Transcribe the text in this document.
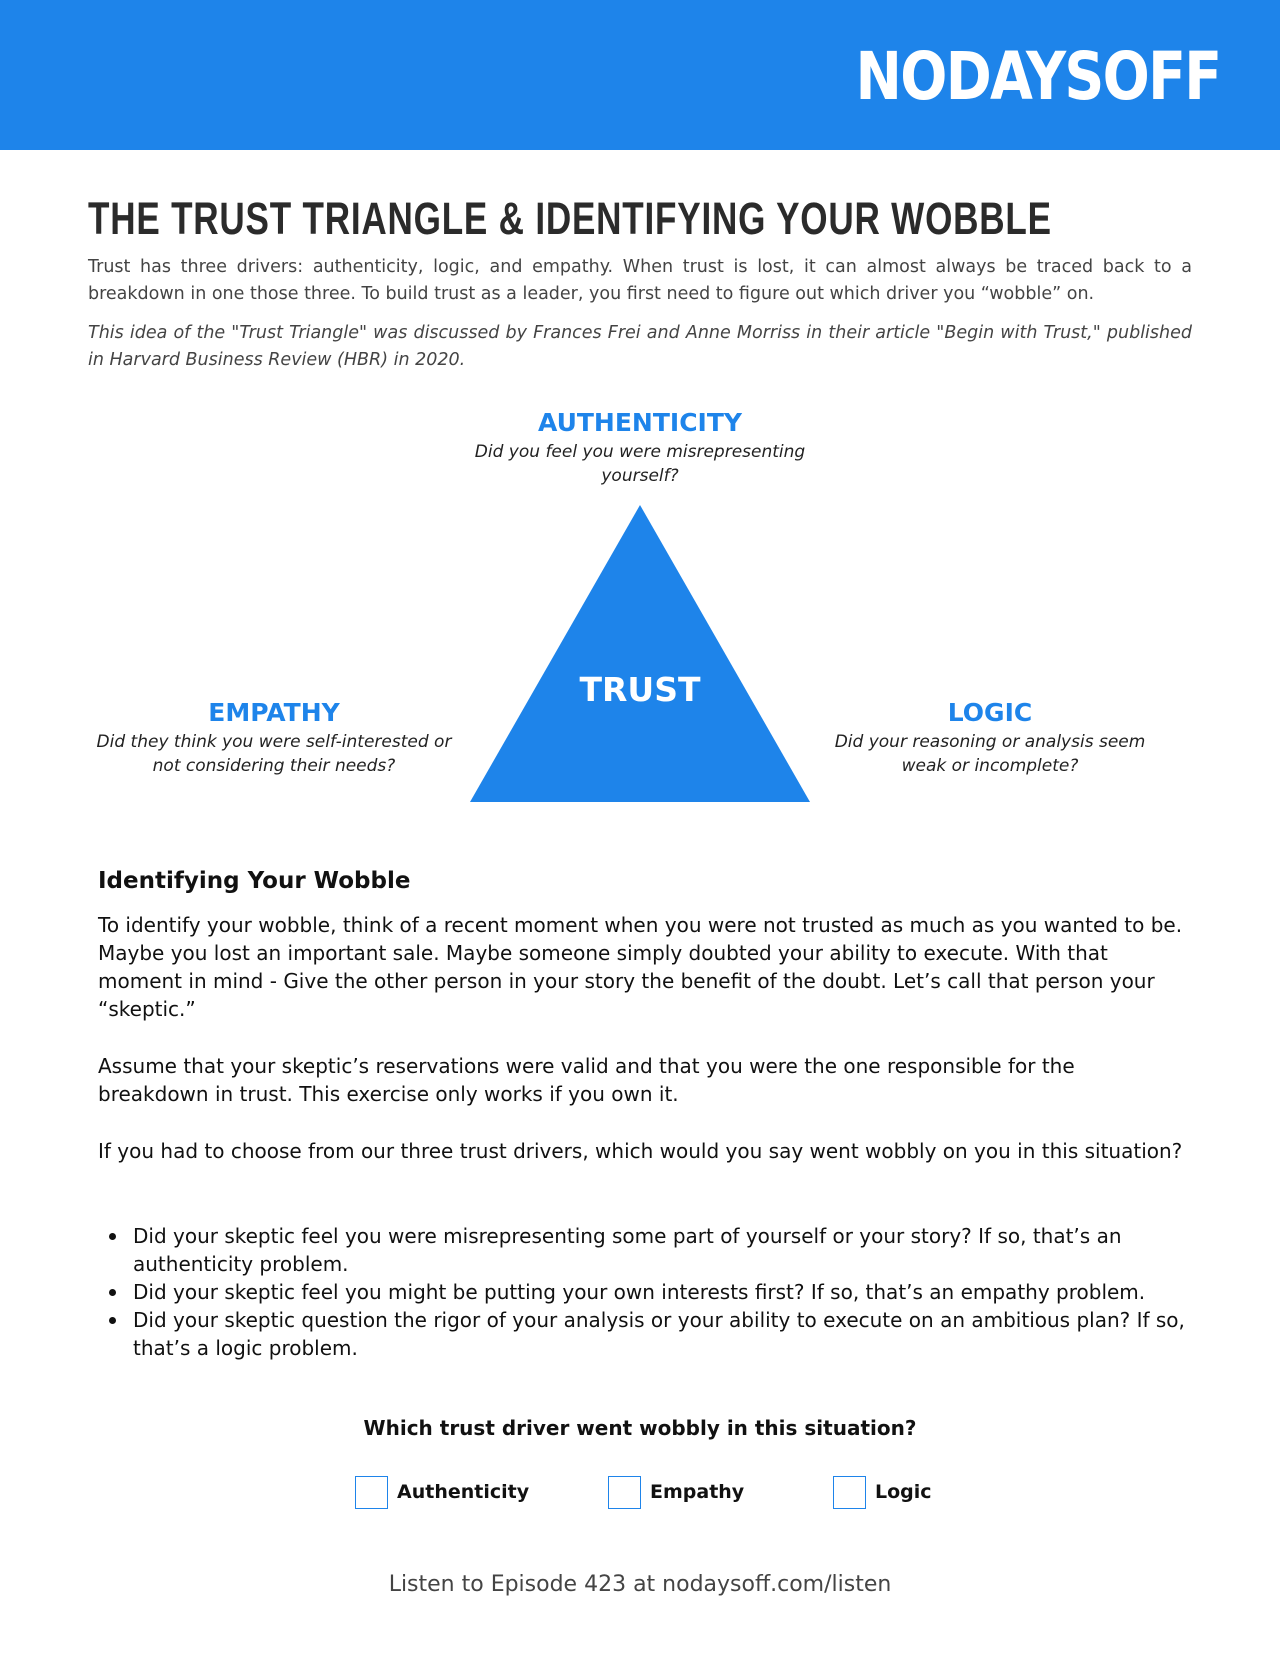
NODAYSOFF
THE TRUST TRIANGLE & IDENTIFYING YOUR WOBBLE

Trust has three drivers: authenticity, logic, and empathy. When trust is lost, it can almost always be traced back to a breakdown in one those three. To build trust as a leader, you first need to figure out which driver you “wobble” on.

This idea of the "Trust Triangle" was discussed by Frances Frei and Anne Morriss in their article "Begin with Trust," published in Harvard Business Review (HBR) in 2020.

AUTHENTICITY
Did you feel you were misrepresenting yourself?
TRUST
EMPATHY
Did they think you were self-interested or not considering their needs?
LOGIC
Did your reasoning or analysis seem weak or incomplete?
Identifying Your Wobble

To identify your wobble, think of a recent moment when you were not trusted as much as you wanted to be. Maybe you lost an important sale. Maybe someone simply doubted your ability to execute. With that moment in mind - Give the other person in your story the benefit of the doubt. Let’s call that person your “skeptic.”

Assume that your skeptic’s reservations were valid and that you were the one responsible for the breakdown in trust. This exercise only works if you own it.

If you had to choose from our three trust drivers, which would you say went wobbly on you in this situation?

Did your skeptic feel you were misrepresenting some part of yourself or your story? If so, that’s an authenticity problem.
Did your skeptic feel you might be putting your own interests first? If so, that’s an empathy problem.
Did your skeptic question the rigor of your analysis or your ability to execute on an ambitious plan? If so, that’s a logic problem.
Which trust driver went wobbly in this situation?
Authenticity	Empathy	Logic
Listen to Episode 423 at nodaysoff.com/listen
